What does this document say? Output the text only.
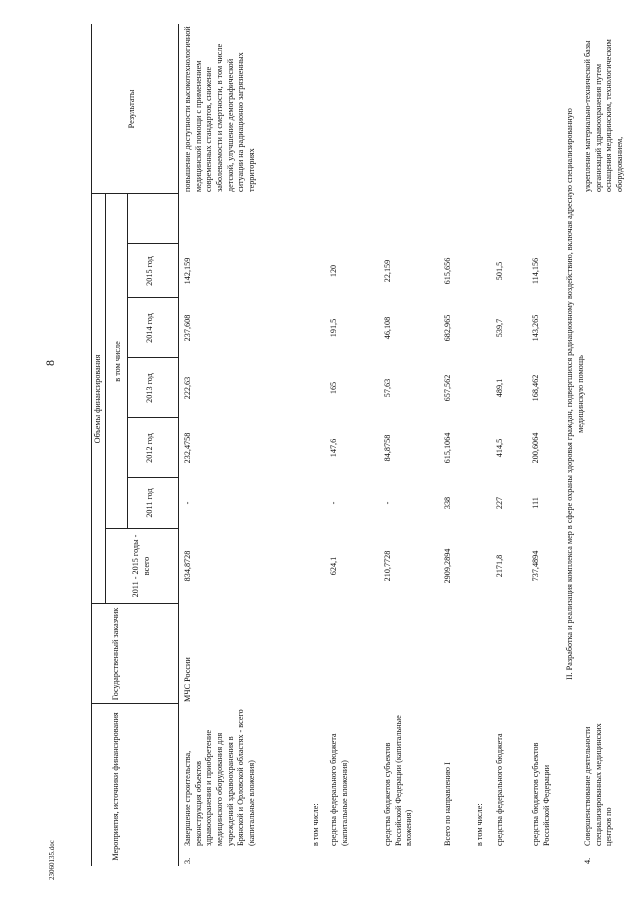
8
23060135.doc	Мероприятия, источники финансирования
Государственный заказчик
Объемы финансирования
2011 - 2015 годы - всего
в том числе
2011 год
2012 год
2013 год
2014 год
2015 год
Результаты
3.
Завершение строительства, реконструкция объектов здравоохранения и приобретение медицинского оборудования для учреждений здравоохранения в Брянской и Орловской областях - всего (капитальные вложения)
МЧС России
834,8728
-
232,4758
222,63
237,608
142,159
повышение доступности высокотехнологичной медицинской помощи с применением современных стандартов, снижение заболеваемости и смертности, в том числе детской, улучшение демографической ситуации на радиационно загрязненных территориях
в том числе: средства федерального бюджета (капитальные вложения)
624,1
-
147,6
165
191,5
120
средства бюджетов субъектов Российской Федерации (капитальные вложения)
210,7728
-
84,8758
57,63
46,108
22,159
Всего по направлению I
2909,2894
338
615,1064
657,562
682,965
615,656
в том числе: средства федерального бюджета
2171,8
227
414,5
489,1
539,7
501,5
средства бюджетов субъектов Российской Федерации
737,4894
111
200,6064
168,462
143,265
114,156	II. Разработка и реализация комплекса мер в сфере охраны здоровья граждан, подвергшихся радиационному воздействию, включая адресную специализированную медицинскую помощь
4.
Совершенствование деятельности специализированных медицинских центров по
укрепление материально-технической базы организаций здравоохранения путем оснащения медицинским, технологическим оборудованием,
